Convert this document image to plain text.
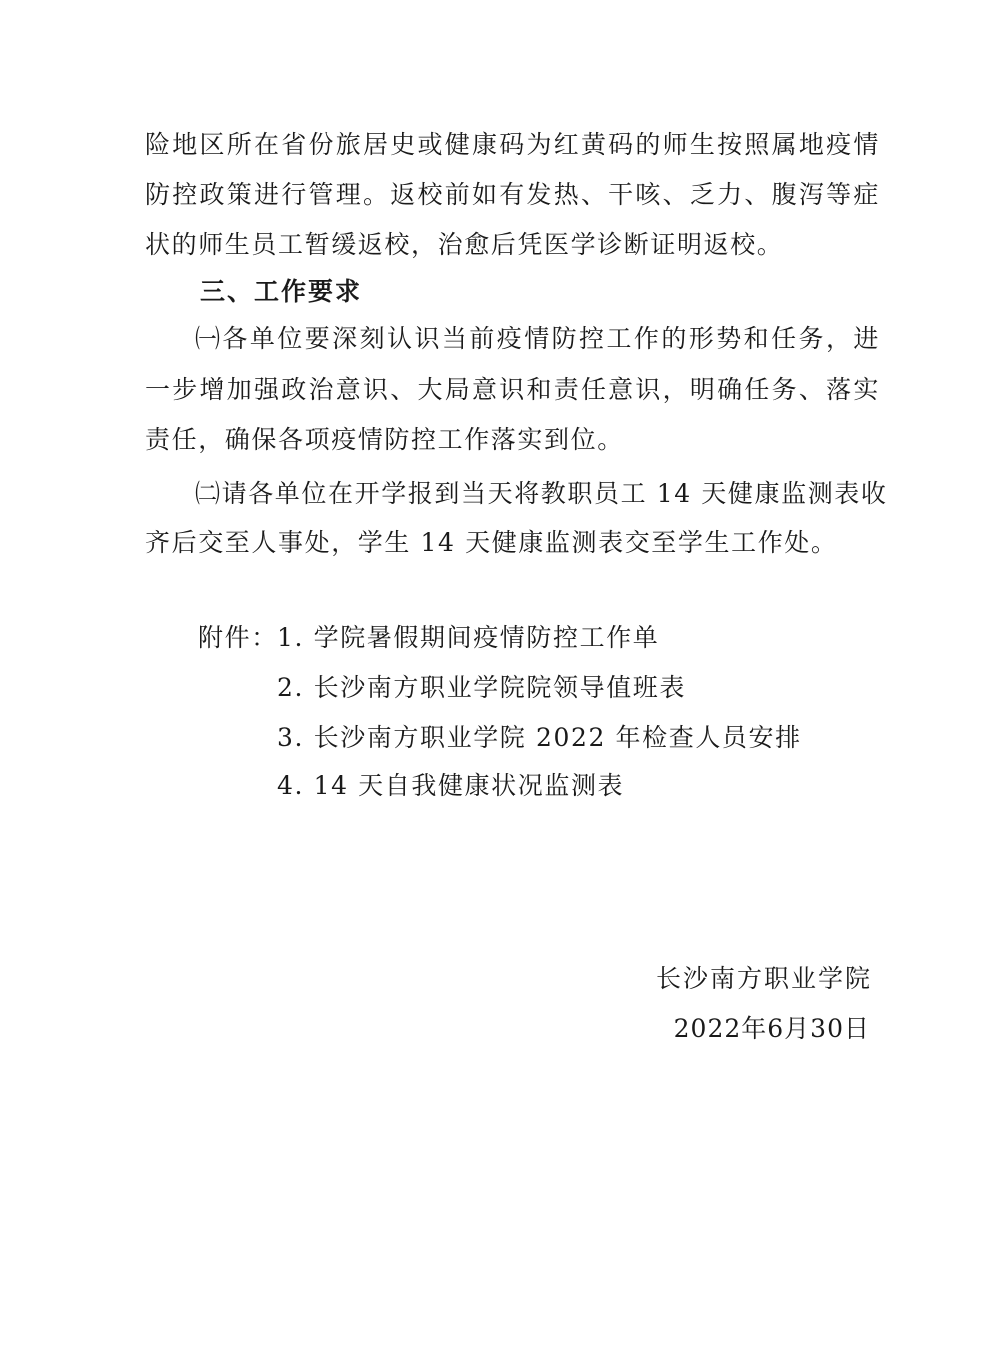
险地区所在省份旅居史或健康码为红黄码的师生按照属地疫情
防控政策进行管理。返校前如有发热、干咳、乏力、腹泻等症
状的师生员工暂缓返校，治愈后凭医学诊断证明返校。
三、工作要求
㈠各单位要深刻认识当前疫情防控工作的形势和任务，进
一步增加强政治意识、大局意识和责任意识，明确任务、落实
责任，确保各项疫情防控工作落实到位。
㈡请各单位在开学报到当天将教职员工 14 天健康监测表收
齐后交至人事处，学生 14 天健康监测表交至学生工作处。
附件： 1. 学院暑假期间疫情防控工作单
2. 长沙南方职业学院院领导值班表
3. 长沙南方职业学院 2022 年检查人员安排
4. 14 天自我健康状况监测表
长沙南方职业学院
2022年6月30日
